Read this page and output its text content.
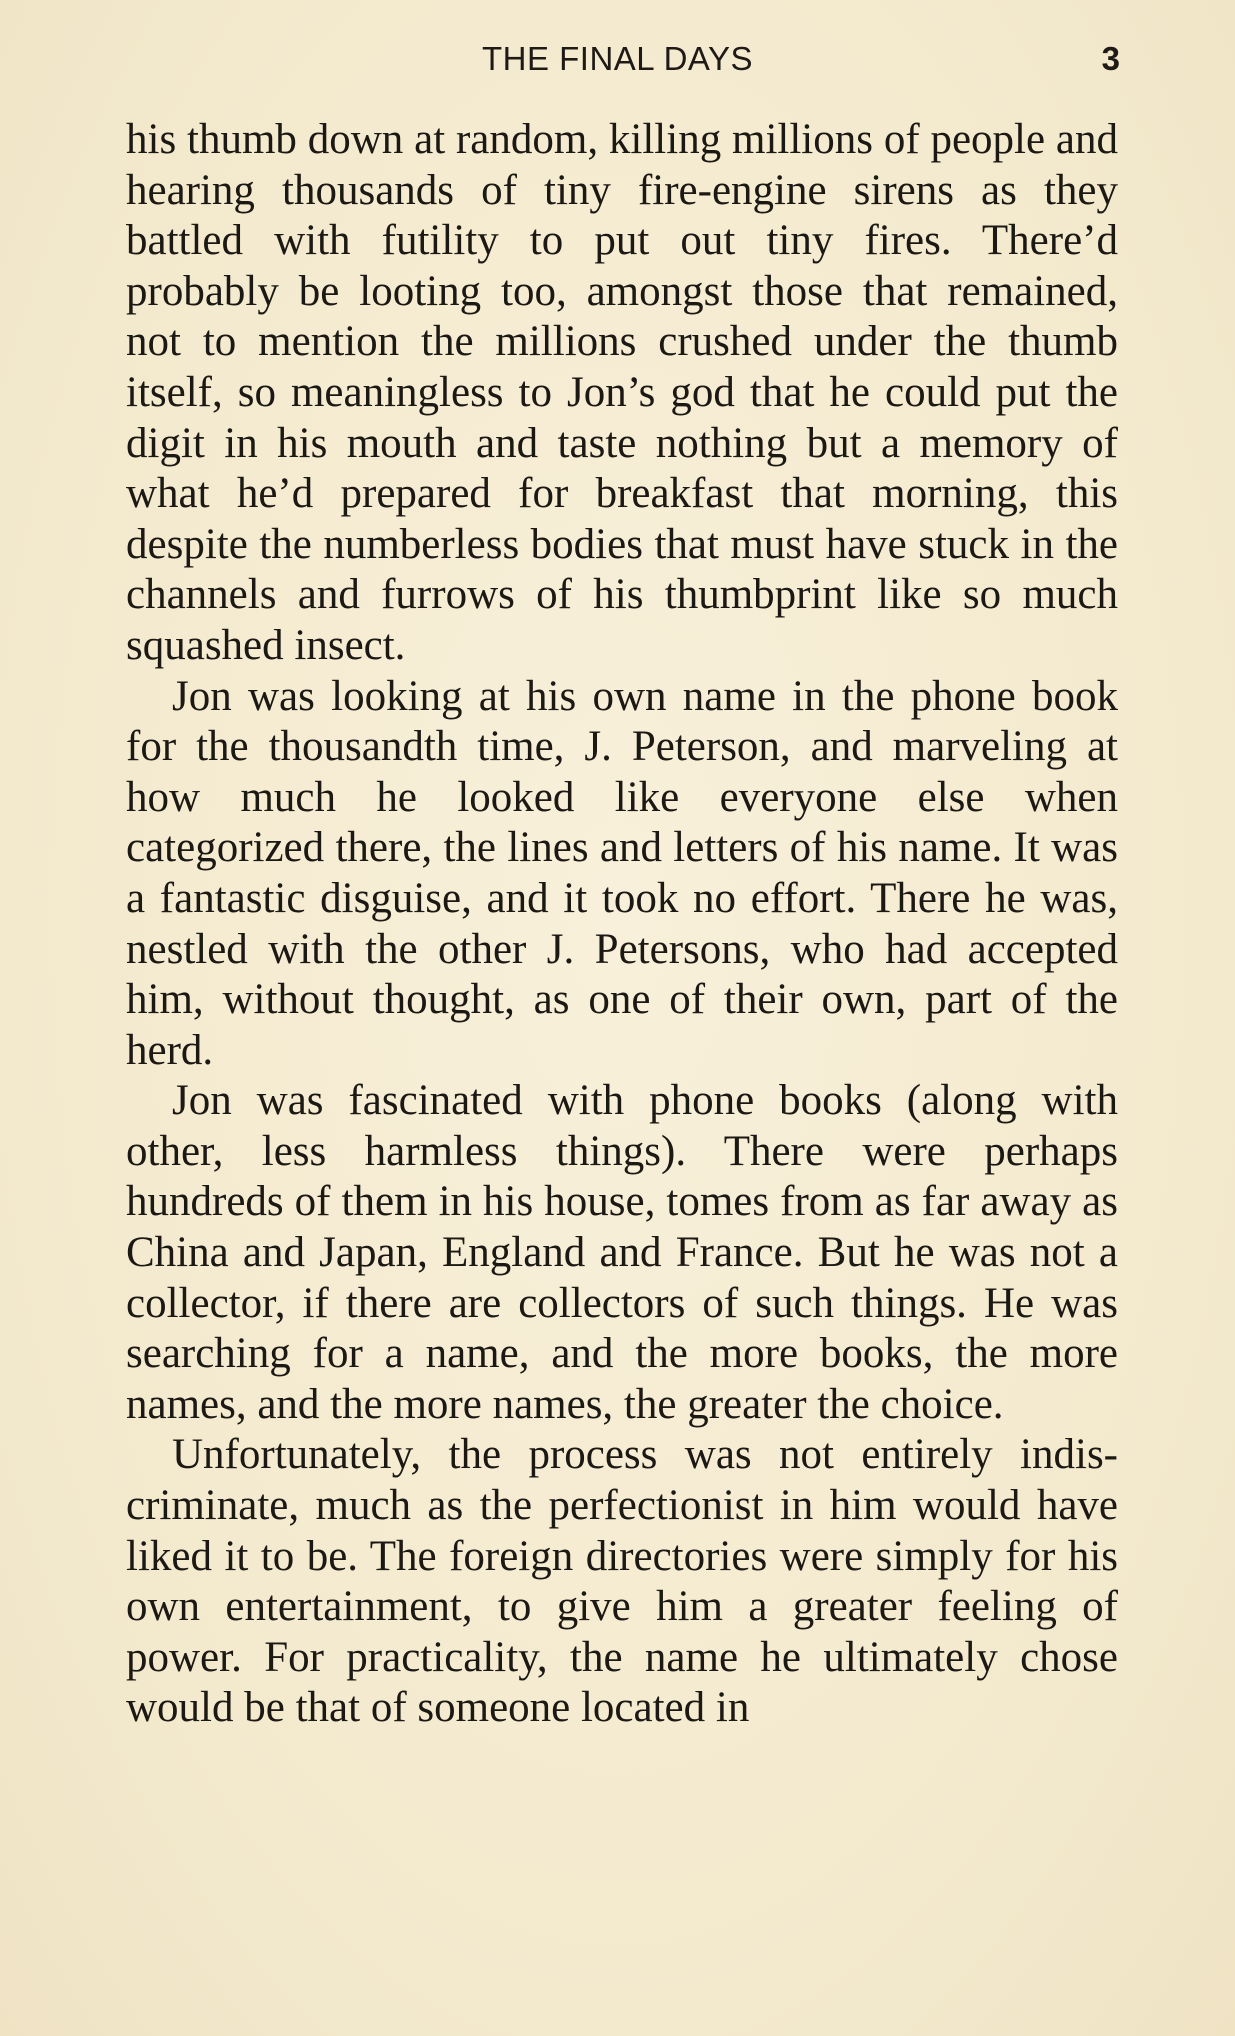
THE FINAL DAYS	3

his thumb down at random, killing millions of people and hearing thousands of tiny fire-engine sirens as they battled with futility to put out tiny fires. There’d probably be looting too, amongst those that remained, not to mention the millions crushed under the thumb itself, so meaningless to Jon’s god that he could put the digit in his mouth and taste nothing but a memory of what he’d prepared for breakfast that morning, this despite the numberless bodies that must have stuck in the channels and furrows of his thumbprint like so much squashed insect.

Jon was looking at his own name in the phone book for the thousandth time, J. Peterson, and marveling at how much he looked like everyone else when categorized there, the lines and letters of his name. It was a fantastic disguise, and it took no effort. There he was, nestled with the other J. Petersons, who had accepted him, without thought, as one of their own, part of the herd.

Jon was fascinated with phone books (along with other, less harmless things). There were perhaps hundreds of them in his house, tomes from as far away as China and Japan, England and France. But he was not a collector, if there are collectors of such things. He was searching for a name, and the more books, the more names, and the more names, the greater the choice.

Unfortunately, the process was not entirely indis-criminate, much as the perfectionist in him would have liked it to be. The foreign directories were simply for his own entertainment, to give him a greater feeling of power. For practicality, the name he ultimately chose would be that of someone located in
